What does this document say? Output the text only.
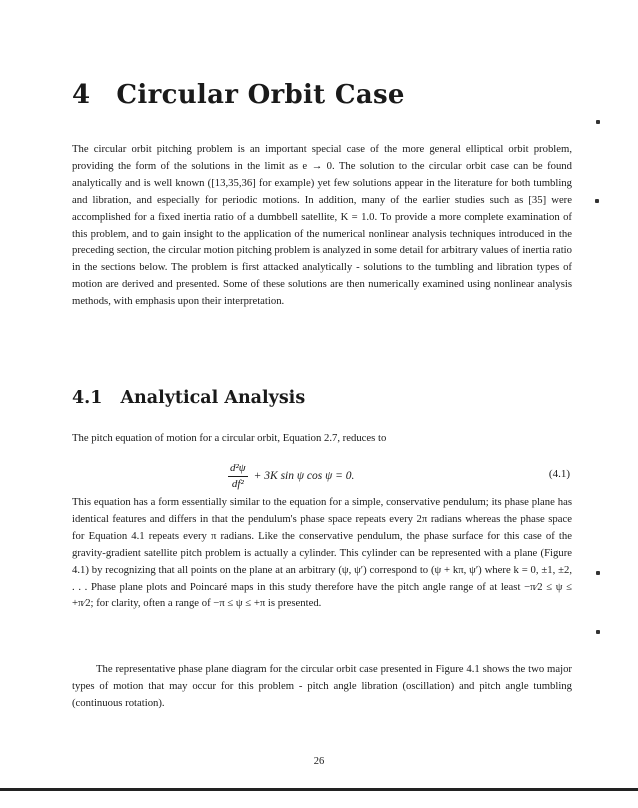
4 Circular Orbit Case

The circular orbit pitching problem is an important special case of the more general elliptical orbit problem, providing the form of the solutions in the limit as e → 0. The solution to the circular orbit case can be found analytically and is well known ([13,35,36] for example) yet few solutions appear in the literature for both tumbling and libration, and especially for periodic motions. In addition, many of the earlier studies such as [35] were accomplished for a fixed inertia ratio of a dumbbell satellite, K = 1.0. To provide a more complete examination of this problem, and to gain insight to the application of the numerical nonlinear analysis techniques introduced in the preceding section, the circular motion pitching problem is analyzed in some detail for arbitrary values of inertia ratio in the sections below. The problem is first attacked analytically - solutions to the tumbling and libration types of motion are derived and presented. Some of these solutions are then numerically examined using nonlinear analysis methods, with emphasis upon their interpretation.

4.1 Analytical Analysis

The pitch equation of motion for a circular orbit, Equation 2.7, reduces to

$\frac{\text{d²ψ}}{\text{df²}} + 3K$ sin ψ cos ψ = 0.	(4.1)

This equation has a form essentially similar to the equation for a simple, conservative pendulum; its phase plane has identical features and differs in that the pendulum's phase space repeats every 2π radians whereas the phase space for Equation 4.1 repeats every π radians. Like the conservative pendulum, the phase surface for this case of the gravity-gradient satellite pitch problem is actually a cylinder. This cylinder can be represented with a plane (Figure 4.1) by recognizing that all points on the plane at an arbitrary (ψ, ψ′) correspond to (ψ + kπ, ψ′) where k = 0, ±1, ±2, . . . Phase plane plots and Poincaré maps in this study therefore have the pitch angle range of at least −π⁄2 ≤ ψ ≤ +π⁄2; for clarity, often a range of −π ≤ ψ ≤ +π is presented.

The representative phase plane diagram for the circular orbit case presented in Figure 4.1 shows the two major types of motion that may occur for this problem - pitch angle libration (oscillation) and pitch angle tumbling (continuous rotation).

26
